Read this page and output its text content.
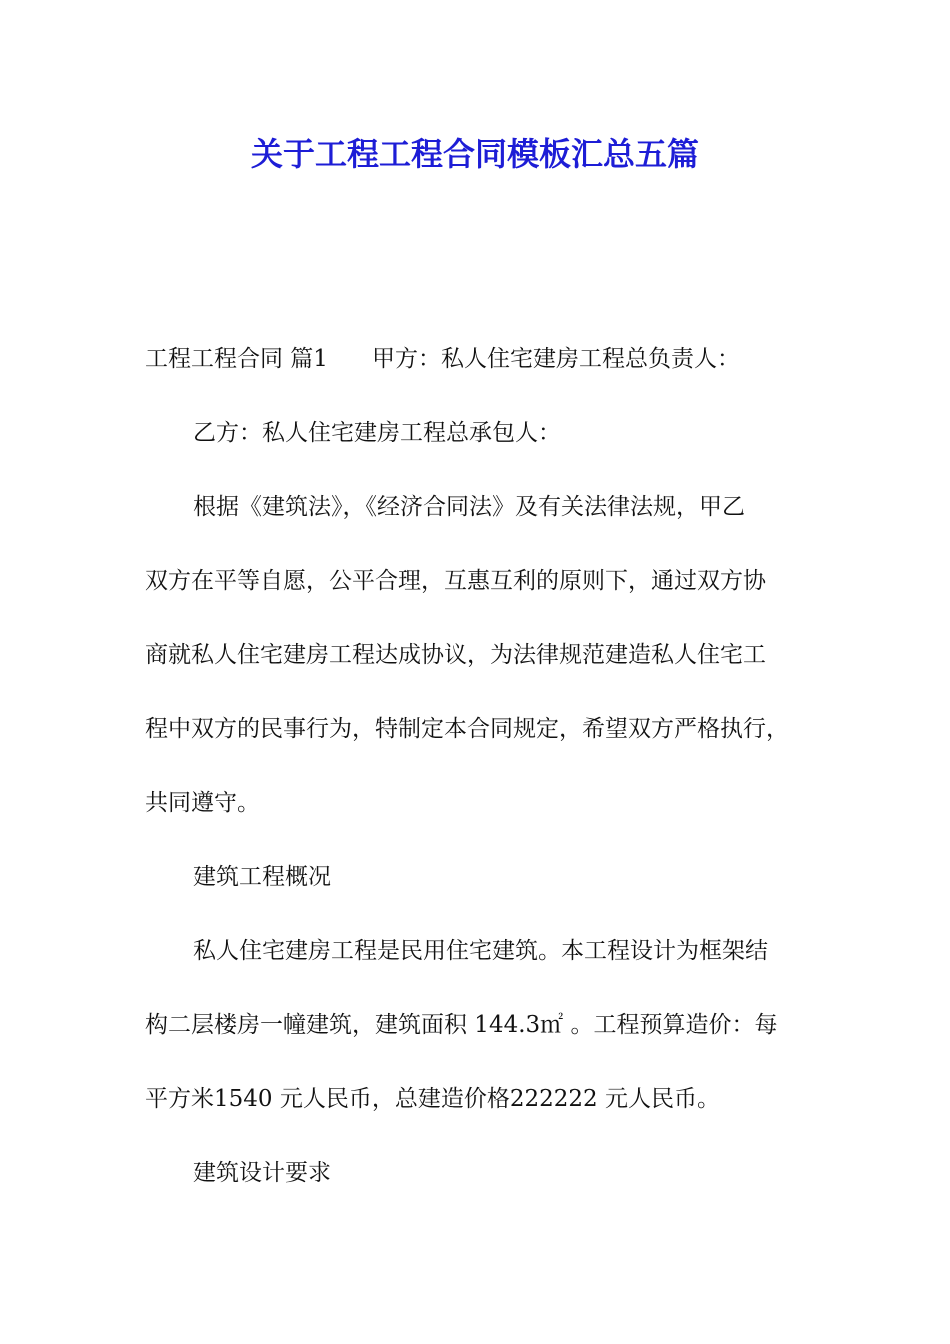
关于工程工程合同模板汇总五篇
工程工程合同 篇1 甲方：私人住宅建房工程总负责人：
乙方：私人住宅建房工程总承包人：
根据《建筑法》，《经济合同法》及有关法律法规，甲乙
双方在平等自愿，公平合理，互惠互利的原则下，通过双方协
商就私人住宅建房工程达成协议，为法律规范建造私人住宅工
程中双方的民事行为，特制定本合同规定，希望双方严格执行，
共同遵守。
建筑工程概况
私人住宅建房工程是民用住宅建筑。本工程设计为框架结
构二层楼房一幢建筑，建筑面积 144.3㎡ 。工程预算造价：每
平方米1540 元人民币，总建造价格222222 元人民币。
建筑设计要求
